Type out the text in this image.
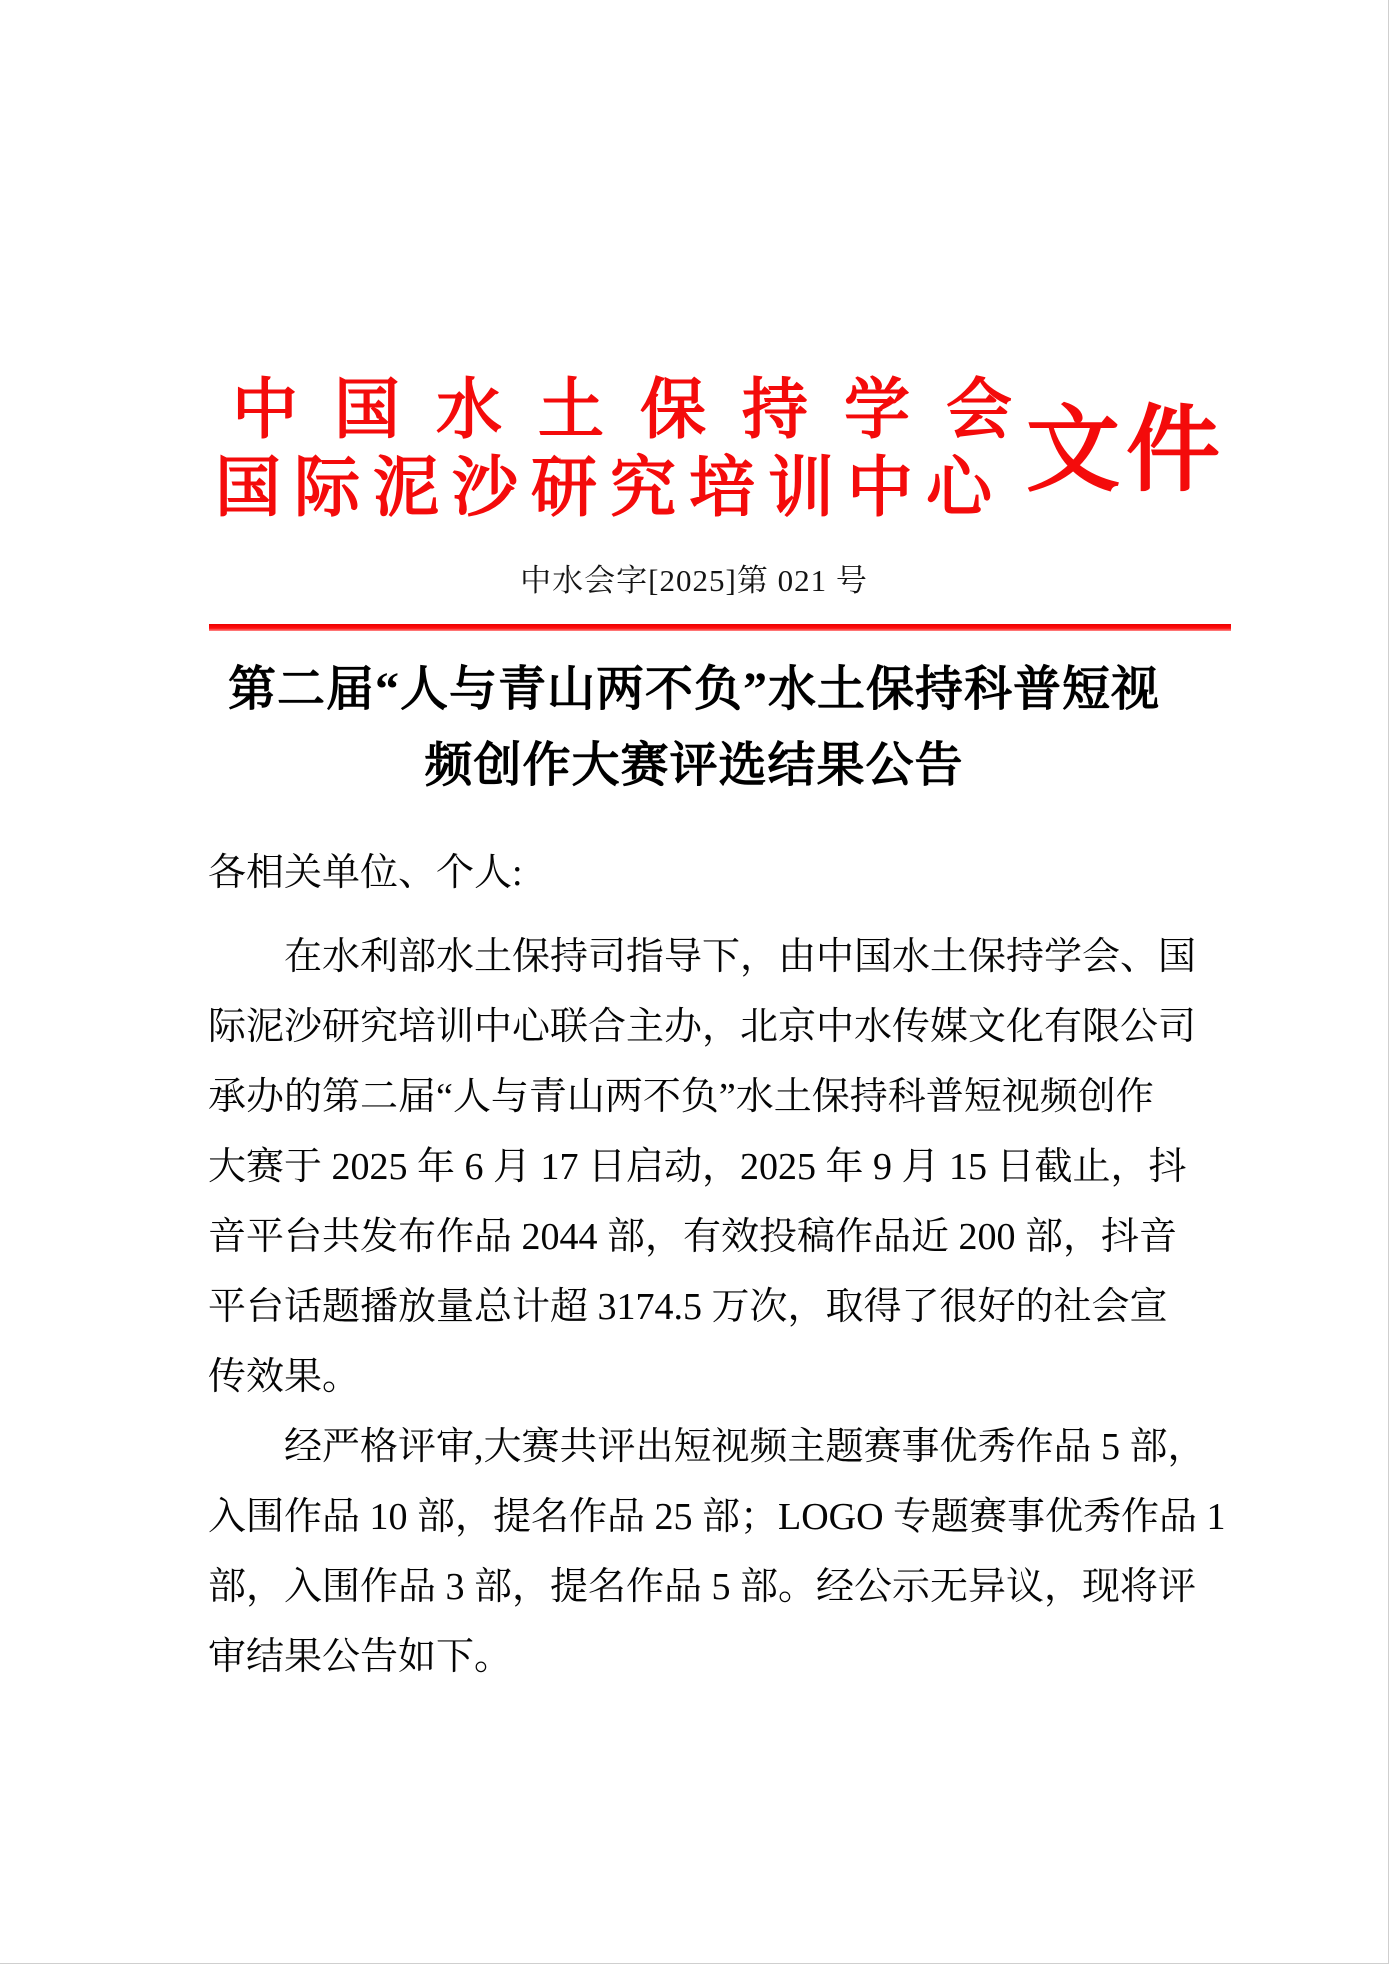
中国水土保持学会
国际泥沙研究培训中心 文件
中水会字[2025]第 021 号
第二届“人与青山两不负”水土保持科普短视
频创作大赛评选结果公告
各相关单位、个人:
在水利部水土保持司指导下，由中国水土保持学会、国
际泥沙研究培训中心联合主办，北京中水传媒文化有限公司
承办的第二届“人与青山两不负”水土保持科普短视频创作
大赛于 2025 年 6 月 17 日启动，2025 年 9 月 15 日截止，抖
音平台共发布作品 2044 部，有效投稿作品近 200 部，抖音
平台话题播放量总计超 3174.5 万次，取得了很好的社会宣
传效果。
经严格评审,大赛共评出短视频主题赛事优秀作品 5 部，
入围作品 10 部，提名作品 25 部；LOGO 专题赛事优秀作品 1
部，入围作品 3 部，提名作品 5 部。经公示无异议，现将评
审结果公告如下。
